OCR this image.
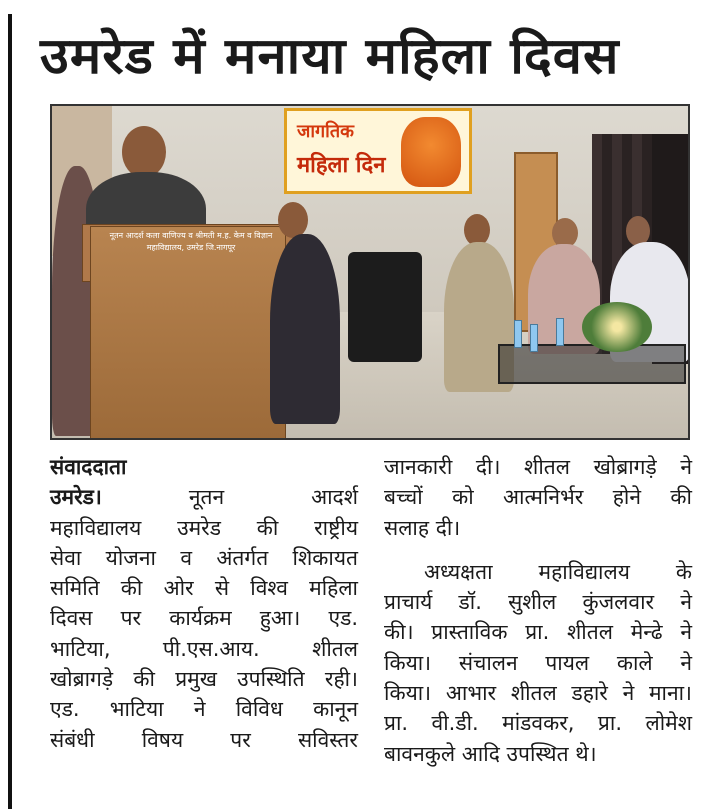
उमरेड में मनाया महिला दिवस
जागतिक
महिला दिन
नूतन आदर्श कला वाणिज्य व श्रीमती म.ह. केम व विज्ञान महाविद्यालय, उमरेड जि.नागपूर

संवाददाता

उमरेड।	नूतन आदर्श

महाविद्यालय उमरेड की राष्ट्रीय

सेवा योजना व अंतर्गत शिकायत

समिति की ओर से विश्व महिला

दिवस पर कार्यक्रम हुआ। एड.

भाटिया, पी.एस.आय. शीतल

खोब्रागड़े की प्रमुख उपस्थिति रही।

एड. भाटिया ने विविध कानून

संबंधी विषय पर सविस्तर

जानकारी दी। शीतल खोब्रागड़े ने

बच्चों को आत्मनिर्भर होने की

सलाह दी।

अध्यक्षता महाविद्यालय के

प्राचार्य डॉ. सुशील कुंजलवार ने

की। प्रास्ताविक प्रा. शीतल मेन्ढे ने

किया। संचालन पायल काले ने

किया। आभार शीतल डहारे ने माना।

प्रा. वी.डी. मांडवकर, प्रा. लोमेश

बावनकुले आदि उपस्थित थे।
